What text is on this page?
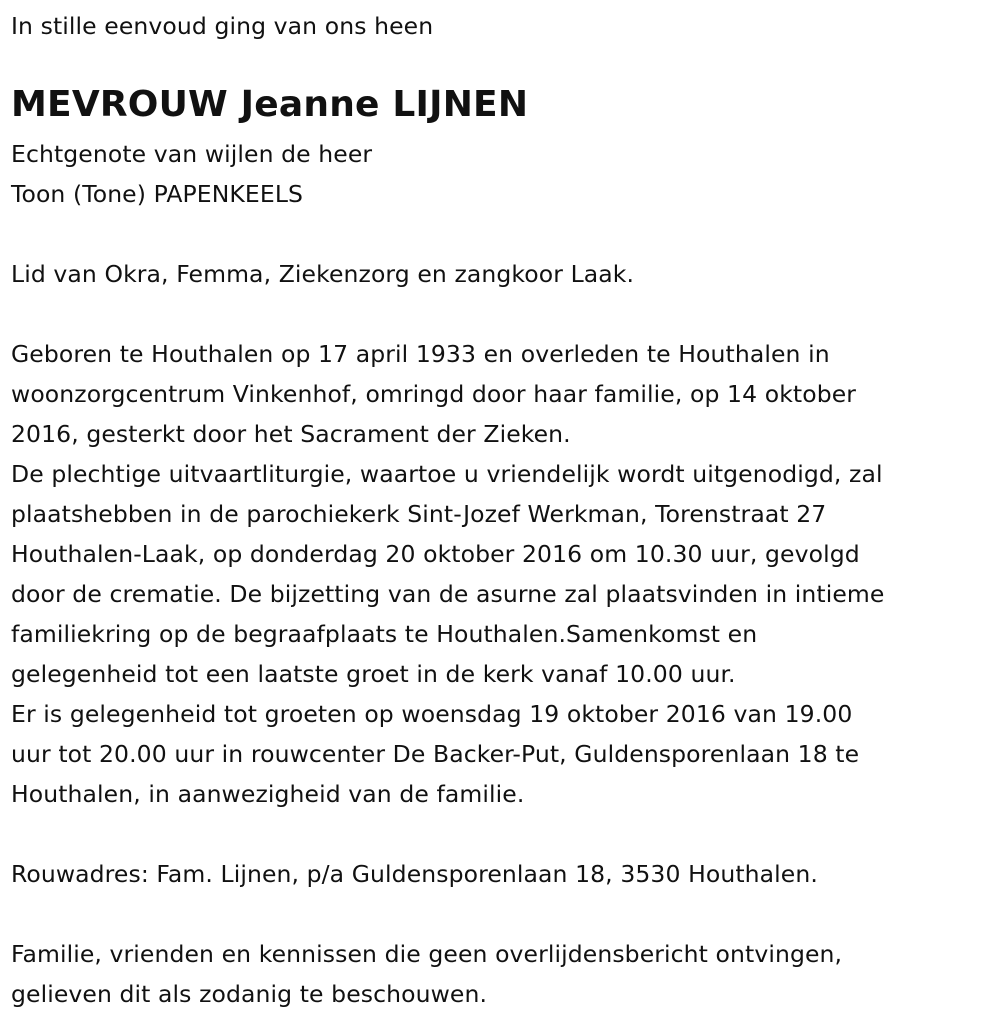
In stille eenvoud ging van ons heen
MEVROUW Jeanne LIJNEN
Echtgenote van wijlen de heer
Toon (Tone) PAPENKEELS
Lid van Okra, Femma, Ziekenzorg en zangkoor Laak.
Geboren te Houthalen op 17 april 1933 en overleden te Houthalen in
woonzorgcentrum Vinkenhof, omringd door haar familie, op 14 oktober
2016, gesterkt door het Sacrament der Zieken.
De plechtige uitvaartliturgie, waartoe u vriendelijk wordt uitgenodigd, zal
plaatshebben in de parochiekerk Sint-Jozef Werkman, Torenstraat 27
Houthalen-Laak, op donderdag 20 oktober 2016 om 10.30 uur, gevolgd
door de crematie. De bijzetting van de asurne zal plaatsvinden in intieme
familiekring op de begraafplaats te Houthalen.Samenkomst en
gelegenheid tot een laatste groet in de kerk vanaf 10.00 uur.
Er is gelegenheid tot groeten op woensdag 19 oktober 2016 van 19.00
uur tot 20.00 uur in rouwcenter De Backer-Put, Guldensporenlaan 18 te
Houthalen, in aanwezigheid van de familie.
Rouwadres: Fam. Lijnen, p/a Guldensporenlaan 18, 3530 Houthalen.
Familie, vrienden en kennissen die geen overlijdensbericht ontvingen,
gelieven dit als zodanig te beschouwen.
